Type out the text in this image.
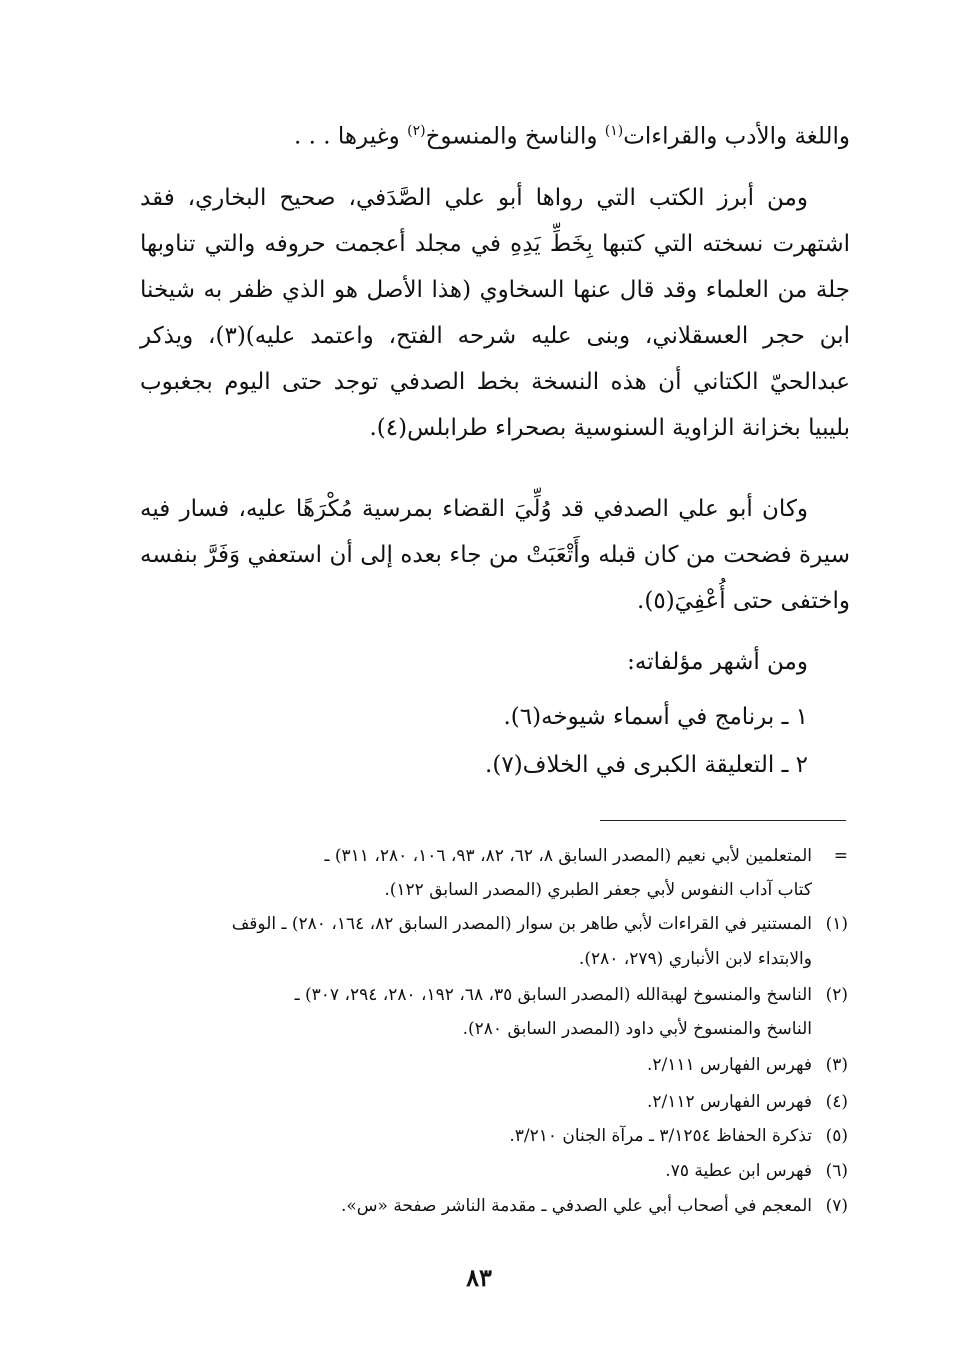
واللغة والأدب والقراءات$^{(١)}$ والناسخ والمنسوخ$^{(٢)}$ وغيرها . . .
ومن أبرز الكتب التي رواها أبو علي الصَّدَفي، صحيح البخاري، فقد
اشتهرت نسخته التي كتبها بِخَطِّ يَدِهِ في مجلد أعجمت حروفه والتي تناوبها
جلة من العلماء وقد قال عنها السخاوي (هذا الأصل هو الذي ظفر به شيخنا
ابن حجر العسقلاني، وبنى عليه شرحه الفتح، واعتمد عليه)(٣)، ويذكر
عبدالحيّ الكتاني أن هذه النسخة بخط الصدفي توجد حتى اليوم بجغبوب
بليبيا بخزانة الزاوية السنوسية بصحراء طرابلس(٤).
وكان أبو علي الصدفي قد وُلِّيَ القضاء بمرسية مُكْرَهًا عليه، فسار فيه
سيرة فضحت من كان قبله وأَتْعَبَتْ من جاء بعده إلى أن استعفي وَفَرَّ بنفسه
واختفى حتى أُعْفِيَ(٥).
ومن أشهر مؤلفاته:
١ ـ برنامج في أسماء شيوخه(٦).
٢ ـ التعليقة الكبرى في الخلاف(٧).
=المتعلمين لأبي نعيم (المصدر السابق ٨، ٦٢، ٨٢، ٩٣، ١٠٦، ٢٨٠، ٣١١) ـ
كتاب آداب النفوس لأبي جعفر الطبري (المصدر السابق ١٢٢).
(١)المستنير في القراءات لأبي طاهر بن سوار (المصدر السابق ٨٢، ١٦٤، ٢٨٠) ـ الوقف
والابتداء لابن الأنباري (٢٧٩، ٢٨٠).
(٢)الناسخ والمنسوخ لهبةالله (المصدر السابق ٣٥، ٦٨، ١٩٢، ٢٨٠، ٢٩٤، ٣٠٧) ـ
الناسخ والمنسوخ لأبي داود (المصدر السابق ٢٨٠).
(٣)فهرس الفهارس ٢/١١١.
(٤)فهرس الفهارس ٢/١١٢.
(٥)تذكرة الحفاظ ٣/١٢٥٤ ـ مرآة الجنان ٣/٢١٠.
(٦)فهرس ابن عطية ٧٥.
(٧)المعجم في أصحاب أبي علي الصدفي ـ مقدمة الناشر صفحة «س».
٨٣
